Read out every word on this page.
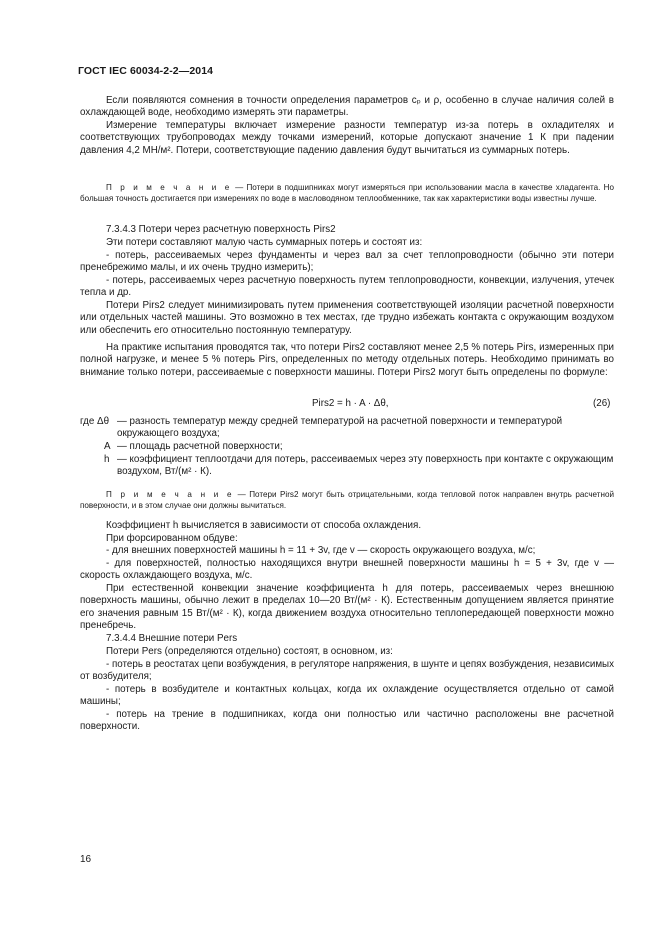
ГОСТ IEC 60034-2-2—2014
Если появляются сомнения в точности определения параметров cₚ и ρ, особенно в случае наличия солей в охлаждающей воде, необходимо измерять эти параметры.
Измерение температуры включает измерение разности температур из-за потерь в охладителях и соответствующих трубопроводах между точками измерений, которые допускают значение 1 К при падении давления 4,2 МН/м². Потери, соответствующие падению давления будут вычитаться из суммарных потерь.
П р и м е ч а н и е — Потери в подшипниках могут измеряться при использовании масла в качестве хладагента. Но большая точность достигается при измерениях по воде в масловодяном теплообменнике, так как характеристики воды известны лучше.
7.3.4.3 Потери через расчетную поверхность Pirs2
Эти потери составляют малую часть суммарных потерь и состоят из:
- потерь, рассеиваемых через фундаменты и через вал за счет теплопроводности (обычно эти потери пренебрежимо малы, и их очень трудно измерить);
- потерь, рассеиваемых через расчетную поверхность путем теплопроводности, конвекции, излучения, утечек тепла и др.
Потери Pirs2 следует минимизировать путем применения соответствующей изоляции расчетной поверхности или отдельных частей машины. Это возможно в тех местах, где трудно избежать контакта с окружающим воздухом или обеспечить его относительно постоянную температуру.
На практике испытания проводятся так, что потери Pirs2 составляют менее 2,5 % потерь Pirs, измеренных при полной нагрузке, и менее 5 % потерь Pirs, определенных по методу отдельных потерь. Необходимо принимать во внимание только потери, рассеиваемые с поверхности машины. Потери Pirs2 могут быть определены по формуле:
Pirs2 = h · A · Δθ,	(26)
где Δθ — разность температур между средней температурой на расчетной поверхности и температурой окружающего воздуха;
A — площадь расчетной поверхности;
h — коэффициент теплоотдачи для потерь, рассеиваемых через эту поверхность при контакте с окружающим воздухом, Вт/(м² · К).
П р и м е ч а н и е — Потери Pirs2 могут быть отрицательными, когда тепловой поток направлен внутрь расчетной поверхности, и в этом случае они должны вычитаться.
Коэффициент h вычисляется в зависимости от способа охлаждения.
При форсированном обдуве:
- для внешних поверхностей машины h = 11 + 3v, где v — скорость окружающего воздуха, м/с;
- для поверхностей, полностью находящихся внутри внешней поверхности машины h = 5 + 3v, где v — скорость охлаждающего воздуха, м/с.
При естественной конвекции значение коэффициента h для потерь, рассеиваемых через внешнюю поверхность машины, обычно лежит в пределах 10—20 Вт/(м² · К). Естественным допущением является принятие его значения равным 15 Вт/(м² · К), когда движением воздуха относительно теплопередающей поверхности можно пренебречь.
7.3.4.4 Внешние потери Pers
Потери Pers (определяются отдельно) состоят, в основном, из:
- потерь в реостатах цепи возбуждения, в регуляторе напряжения, в шунте и цепях возбуждения, независимых от возбудителя;
- потерь в возбудителе и контактных кольцах, когда их охлаждение осуществляется отдельно от самой машины;
- потерь на трение в подшипниках, когда они полностью или частично расположены вне расчетной поверхности.
16
